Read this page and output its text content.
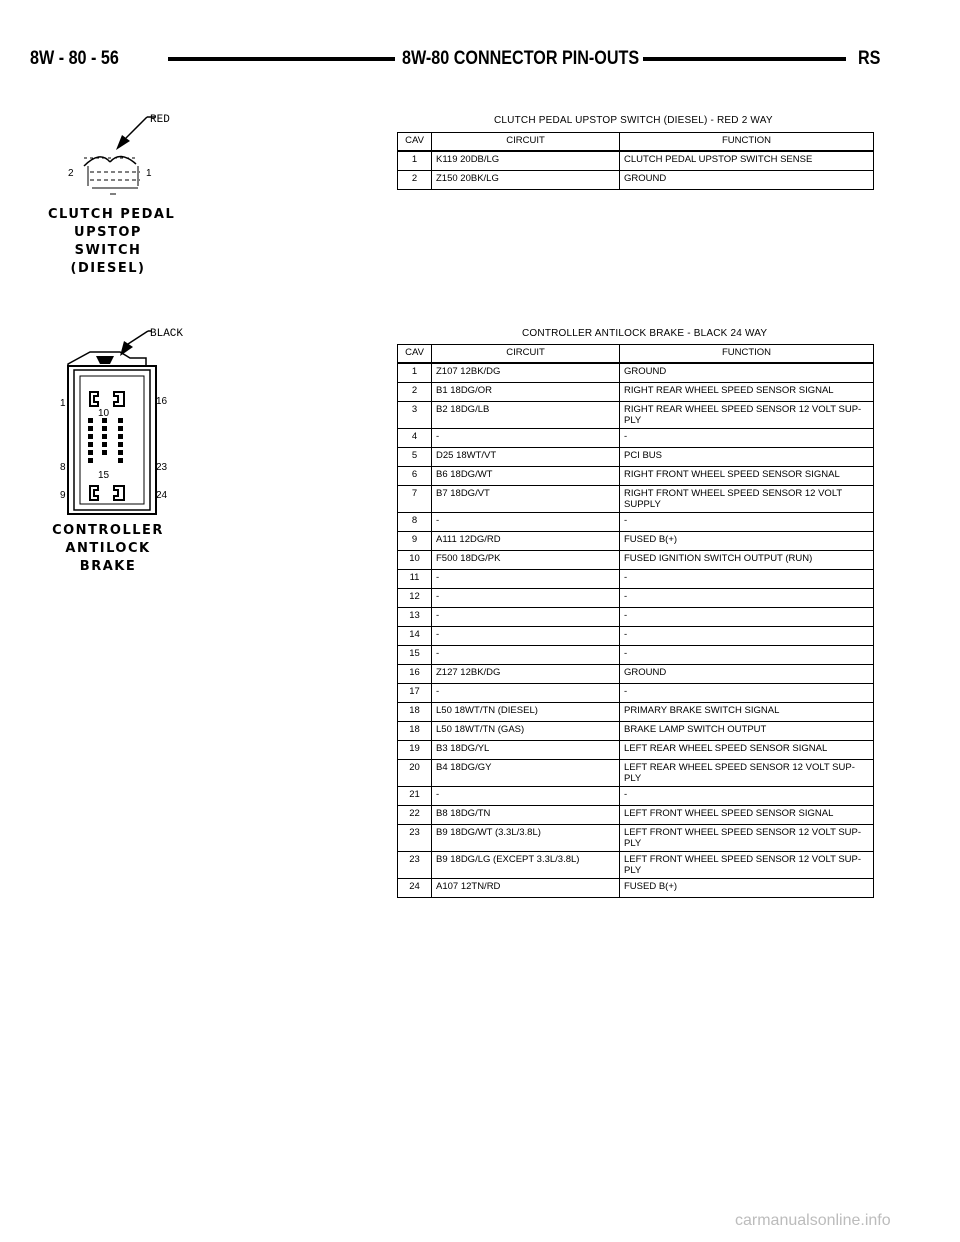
8W - 80 - 56	8W-80 CONNECTOR PIN-OUTS	RS
RED
2	1
CLUTCH PEDAL
UPSTOP
SWITCH
(DIESEL)
CLUTCH PEDAL UPSTOP SWITCH (DIESEL) - RED 2 WAY
CAV	CIRCUIT	FUNCTION
1	K119 20DB/LG	CLUTCH PEDAL UPSTOP SWITCH SENSE
2	Z150 20BK/LG	GROUND
BLACK
1	16
10
8	23
15
9	24
CONTROLLER
ANTILOCK
BRAKE
CONTROLLER ANTILOCK BRAKE - BLACK 24 WAY
CAV	CIRCUIT	FUNCTION
1	Z107 12BK/DG	GROUND
2	B1 18DG/OR	RIGHT REAR WHEEL SPEED SENSOR SIGNAL
3	B2 18DG/LB	RIGHT REAR WHEEL SPEED SENSOR 12 VOLT SUP-
PLY
4	-	-
5	D25 18WT/VT	PCI BUS
6	B6 18DG/WT	RIGHT FRONT WHEEL SPEED SENSOR SIGNAL
7	B7 18DG/VT	RIGHT FRONT WHEEL SPEED SENSOR 12 VOLT
SUPPLY
8	-	-
9	A111 12DG/RD	FUSED B(+)
10	F500 18DG/PK	FUSED IGNITION SWITCH OUTPUT (RUN)
11	-	-
12	-	-
13	-	-
14	-	-
15	-	-
16	Z127 12BK/DG	GROUND
17	-	-
18	L50 18WT/TN (DIESEL)	PRIMARY BRAKE SWITCH SIGNAL
18	L50 18WT/TN (GAS)	BRAKE LAMP SWITCH OUTPUT
19	B3 18DG/YL	LEFT REAR WHEEL SPEED SENSOR SIGNAL
20	B4 18DG/GY	LEFT REAR WHEEL SPEED SENSOR 12 VOLT SUP-
PLY
21	-	-
22	B8 18DG/TN	LEFT FRONT WHEEL SPEED SENSOR SIGNAL
23	B9 18DG/WT (3.3L/3.8L)	LEFT FRONT WHEEL SPEED SENSOR 12 VOLT SUP-
PLY
23	B9 18DG/LG (EXCEPT 3.3L/3.8L)	LEFT FRONT WHEEL SPEED SENSOR 12 VOLT SUP-
PLY
24	A107 12TN/RD	FUSED B(+)
carmanualsonline.info
